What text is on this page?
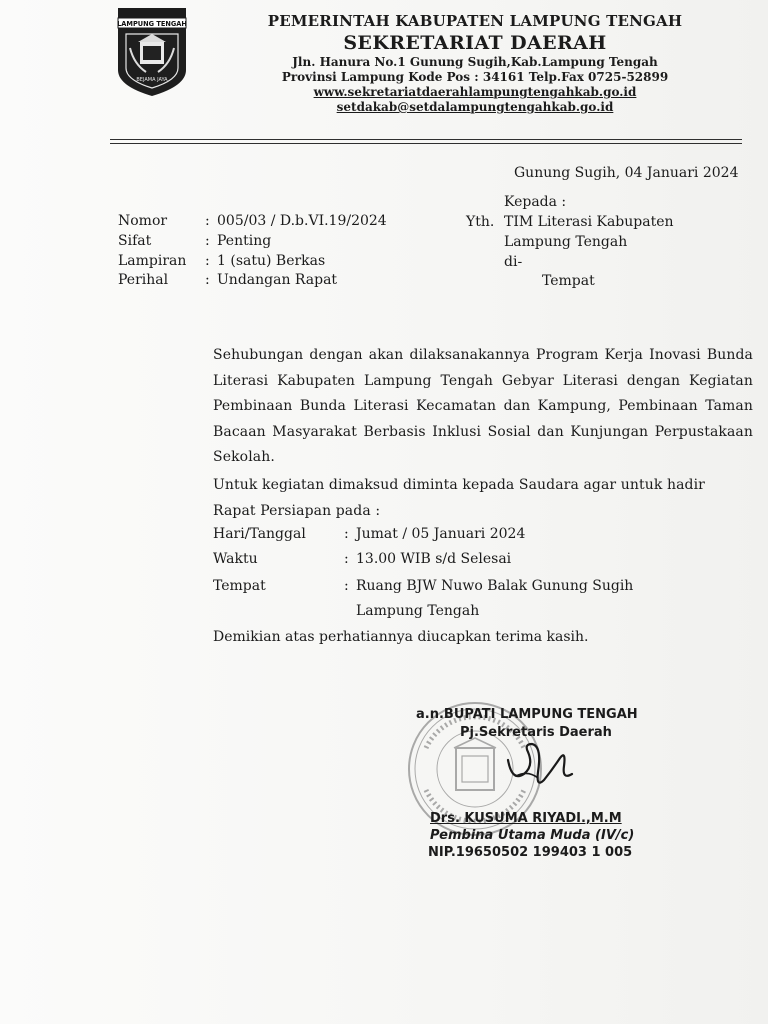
LAMPUNG TENGAH
BEJAMA JAYA
PEMERINTAH KABUPATEN LAMPUNG TENGAH
SEKRETARIAT DAERAH
Jln. Hanura No.1 Gunung Sugih,Kab.Lampung Tengah
Provinsi Lampung Kode Pos : 34161 Telp.Fax 0725-52899
www.sekretariatdaerahlampungtengahkab.go.id
setdakab@setdalampungtengahkab.go.id
Gunung Sugih, 04 Januari 2024
Kepada :
Yth. TIM Literasi Kabupaten
Lampung Tengah
di-
Tempat
Nomor	: 005/03 / D.b.VI.19/2024
Sifat	: Penting
Lampiran : 1 (satu) Berkas
Perihal	: Undangan Rapat
Sehubungan dengan akan dilaksanakannya Program Kerja Inovasi Bunda Literasi Kabupaten Lampung Tengah Gebyar Literasi dengan Kegiatan Pembinaan Bunda Literasi Kecamatan dan Kampung, Pembinaan Taman Bacaan Masyarakat Berbasis Inklusi Sosial dan Kunjungan Perpustakaan Sekolah.
Untuk kegiatan dimaksud diminta kepada Saudara agar untuk hadir
Rapat Persiapan pada :
Hari/Tanggal	: Jumat / 05 Januari 2024
Waktu	: 13.00 WIB s/d Selesai
Tempat	: Ruang BJW Nuwo Balak Gunung Sugih
Lampung Tengah
Demikian atas perhatiannya diucapkan terima kasih.
a.n.BUPATI LAMPUNG TENGAH
Pj.Sekretaris Daerah
Drs. KUSUMA RIYADI.,M.M
Pembina Utama Muda (IV/c)
NIP.19650502 199403 1 005
